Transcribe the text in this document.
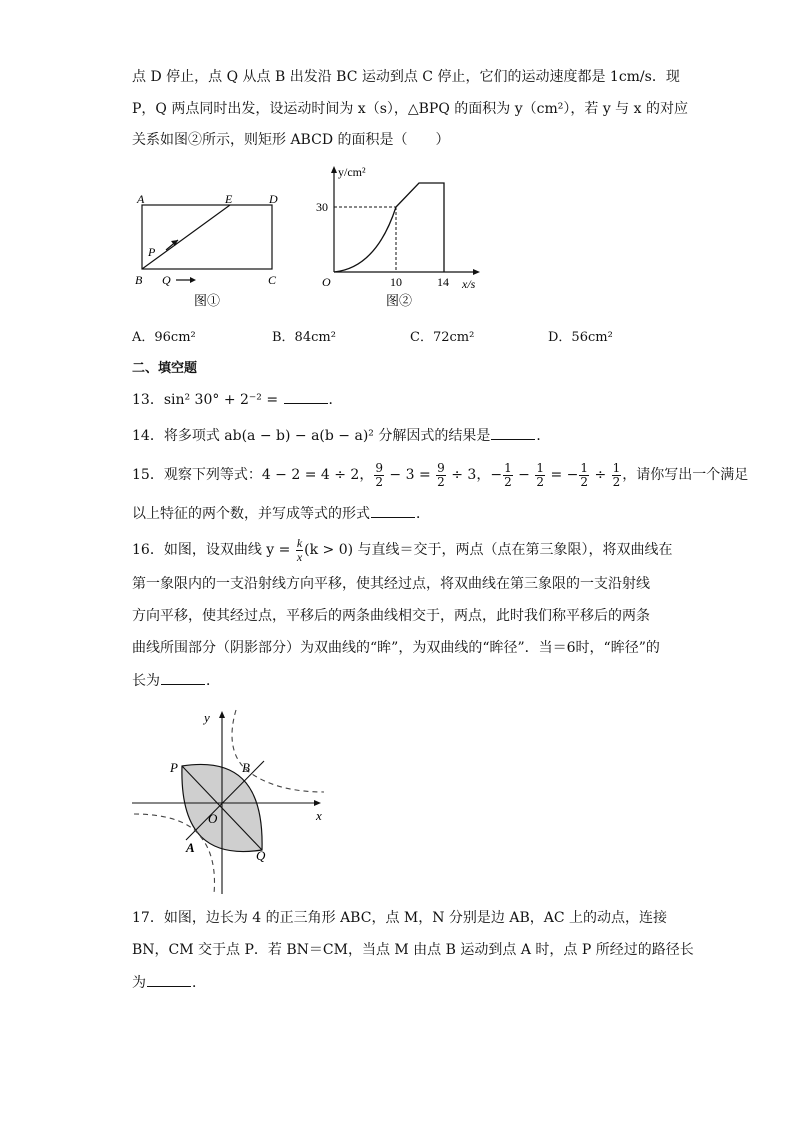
点 D 停止，点 Q 从点 B 出发沿 BC 运动到点 C 停止，它们的运动速度都是 1cm/s．现
P，Q 两点同时出发，设运动时间为 x（s），△BPQ 的面积为 y（cm²），若 y 与 x 的对应
关系如图②所示，则矩形 ABCD 的面积是（　　）
A	E	D
P
B Q	C
图①
y/cm²
30
O	10	14 x/s
图②
A．96cm²	B．84cm²	C．72cm²	D．56cm²
二、填空题
13．sin² 30° + 2⁻² =	．
14．将多项式 ab(a − b) − a(b − a)² 分解因式的结果是	．
15．观察下列等式：4 − 2 = 4 ÷ 2， $\frac{9}{2} - 3 = \frac{9}{2} \div 3$，− $\frac{1}{2} - \frac{1}{2}$ = − $\frac{1}{2} \div \frac{1}{2}$ ，请你写出一个满足
以上特征的两个数，并写成等式的形式	．
16．如图，设双曲线 $y = \frac{k}{x} (k > 0)$ 与直线＝交于，两点（点在第三象限），将双曲线在
第一象限内的一支沿射线方向平移，使其经过点，将双曲线在第三象限的一支沿射线
方向平移，使其经过点，平移后的两条曲线相交于，两点，此时我们称平移后的两条
曲线所围部分（阴影部分）为双曲线的“眸”，为双曲线的“眸径”．当＝6时，“眸径”的
长为	．
y
x
O
P	B
A
Q
17．如图，边长为 4 的正三角形 ABC，点 M，N 分别是边 AB，AC 上的动点，连接
BN，CM 交于点 P．若 BN＝CM，当点 M 由点 B 运动到点 A 时，点 P 所经过的路径长
为	．
